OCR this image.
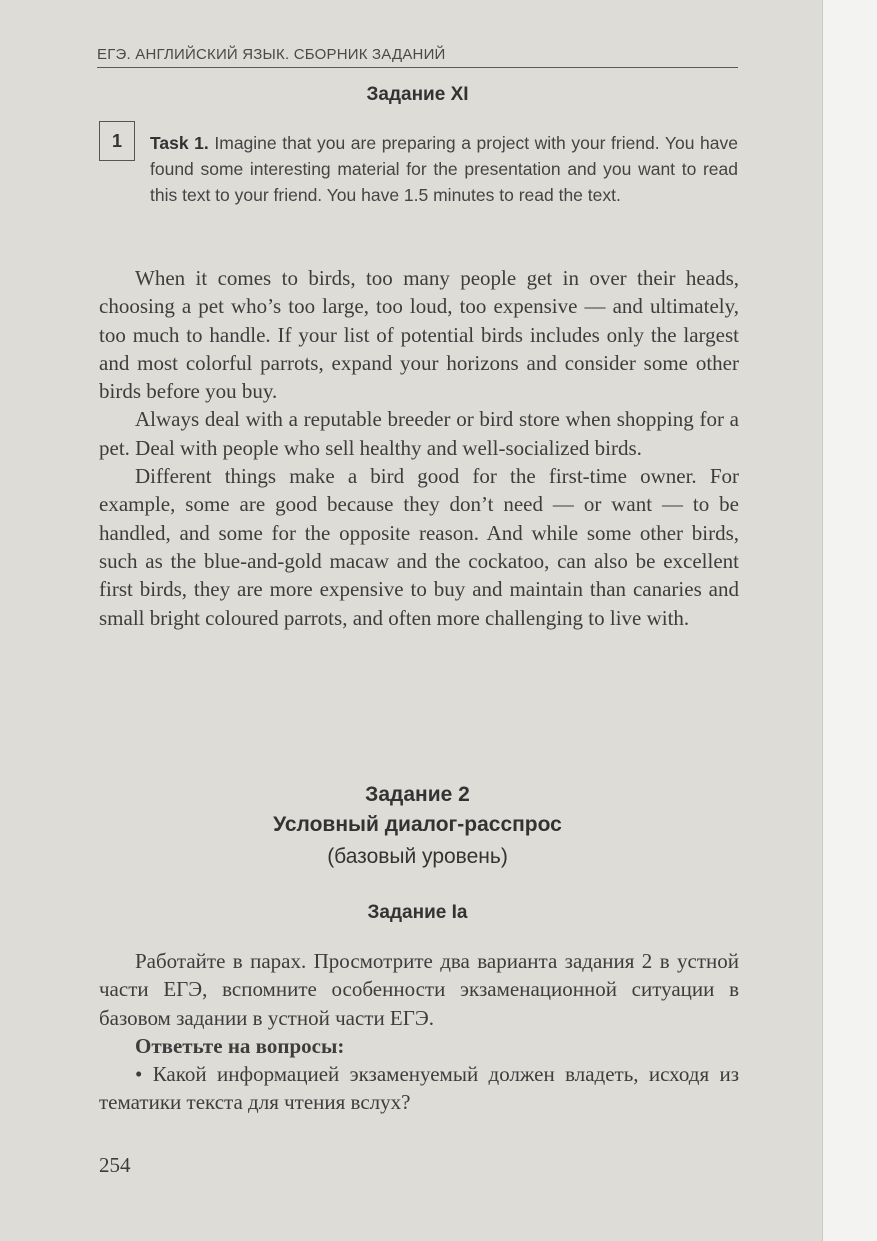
ЕГЭ. АНГЛИЙСКИЙ ЯЗЫК. СБОРНИК ЗАДАНИЙ
Задание XI
1	Task 1. Imagine that you are preparing a project with your friend. You have found some interesting material for the presentation and you want to read this text to your friend. You have 1.5 minutes to read the text.

When it comes to birds, too many people get in over their heads, choosing a pet who’s too large, too loud, too expensive — and ultimately, too much to handle. If your list of potential birds includes only the largest and most colorful parrots, expand your horizons and consider some other birds before you buy.

Always deal with a reputable breeder or bird store when shopping for a pet. Deal with people who sell healthy and well-socialized birds.

Different things make a bird good for the first-time owner. For example, some are good because they don’t need — or want — to be handled, and some for the opposite reason. And while some other birds, such as the blue-and-gold macaw and the cockatoo, can also be excellent first birds, they are more expensive to buy and maintain than canaries and small bright coloured parrots, and often more challenging to live with.

Задание 2
Условный диалог-расспрос
(базовый уровень)
Задание Ia

Работайте в парах. Просмотрите два варианта задания 2 в устной части ЕГЭ, вспомните особенности экзаменационной ситуации в базовом задании в устной части ЕГЭ.

Ответьте на вопросы:

• Какой информацией экзаменуемый должен владеть, исходя из тематики текста для чтения вслух?

254
